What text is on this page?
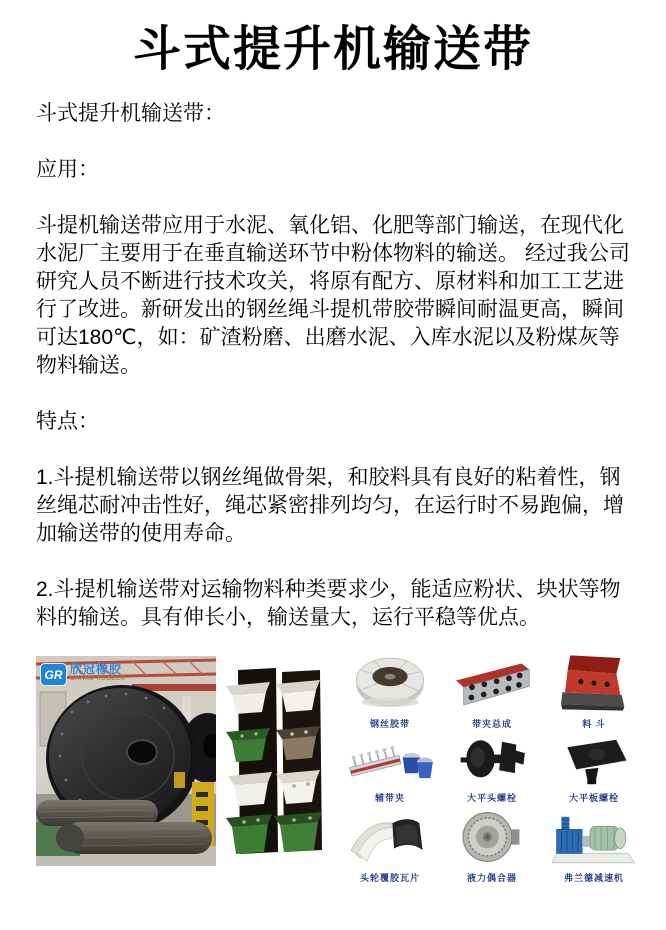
斗式提升机输送带

斗式提升机输送带：

应用：

斗提机输送带应用于水泥、氧化铝、化肥等部门输送，在现代化水泥厂主要用于在垂直输送环节中粉体物料的输送。 经过我公司研究人员不断进行技术攻关，将原有配方、原材料和加工工艺进行了改进。新研发出的钢丝绳斗提机带胶带瞬间耐温更高，瞬间可达180℃，如：矿渣粉磨、出磨水泥、入库水泥以及粉煤灰等物料输送。

特点：

1.斗提机输送带以钢丝绳做骨架，和胶料具有良好的粘着性，钢丝绳芯耐冲击性好，绳芯紧密排列均匀，在运行时不易跑偏，增加输送带的使用寿命。

2.斗提机输送带对运输物料种类要求少，能适应粉状、块状等物料的输送。具有伸长小，输送量大，运行平稳等优点。

GR 欣冠橡胶
GRAND RUBBER
钢丝胶带	带夹总成	料 斗
辅带夹	大平头螺栓	大平板螺栓
头轮覆胶瓦片	液力偶合器	弗兰德减速机
